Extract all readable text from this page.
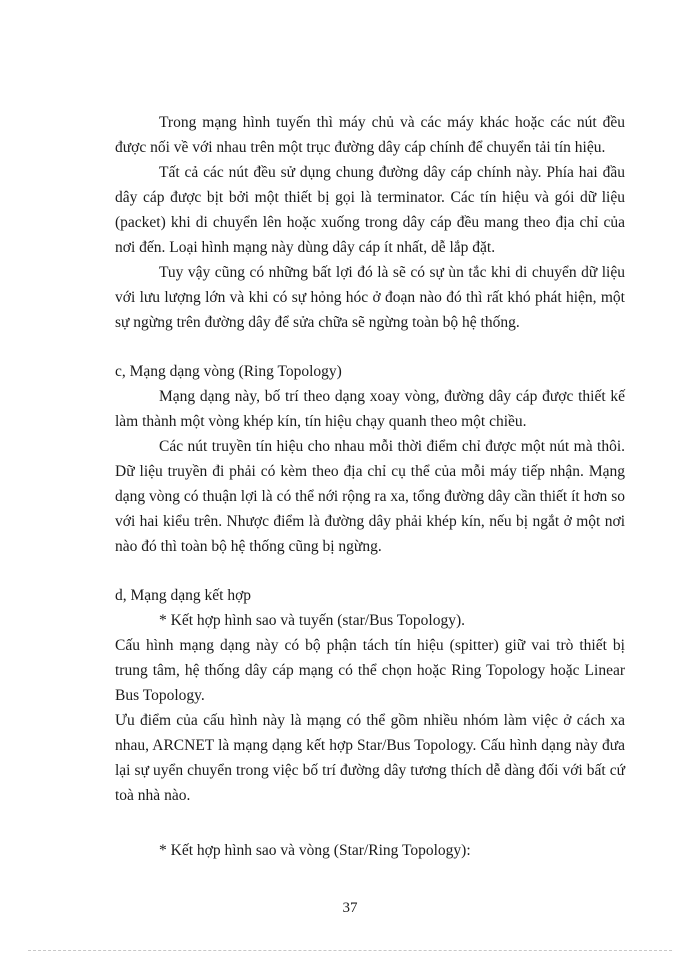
Trong mạng hình tuyến thì máy chủ và các máy khác hoặc các nút đều được nối về với nhau trên một trục đường dây cáp chính để chuyển tải tín hiệu.

Tất cả các nút đều sử dụng chung đường dây cáp chính này. Phía hai đầu dây cáp được bịt bởi một thiết bị gọi là terminator. Các tín hiệu và gói dữ liệu (packet) khi di chuyển lên hoặc xuống trong dây cáp đều mang theo địa chỉ của nơi đến. Loại hình mạng này dùng dây cáp ít nhất, dễ lắp đặt.

Tuy vậy cũng có những bất lợi đó là sẽ có sự ùn tắc khi di chuyển dữ liệu với lưu lượng lớn và khi có sự hỏng hóc ở đoạn nào đó thì rất khó phát hiện, một sự ngừng trên đường dây để sửa chữa sẽ ngừng toàn bộ hệ thống.

c, Mạng dạng vòng (Ring Topology)

Mạng dạng này, bố trí theo dạng xoay vòng, đường dây cáp được thiết kế làm thành một vòng khép kín, tín hiệu chạy quanh theo một chiều.

Các nút truyền tín hiệu cho nhau mỗi thời điểm chỉ được một nút mà thôi. Dữ liệu truyền đi phải có kèm theo địa chỉ cụ thể của mỗi máy tiếp nhận. Mạng dạng vòng có thuận lợi là có thể nới rộng ra xa, tổng đường dây cần thiết ít hơn so với hai kiểu trên. Nhược điểm là đường dây phải khép kín, nếu bị ngắt ở một nơi nào đó thì toàn bộ hệ thống cũng bị ngừng.

d, Mạng dạng kết hợp

* Kết hợp hình sao và tuyến (star/Bus Topology).

Cấu hình mạng dạng này có bộ phận tách tín hiệu (spitter) giữ vai trò thiết bị trung tâm, hệ thống dây cáp mạng có thể chọn hoặc Ring Topology hoặc Linear Bus Topology.

Ưu điểm của cấu hình này là mạng có thể gồm nhiều nhóm làm việc ở cách xa nhau, ARCNET là mạng dạng kết hợp Star/Bus Topology. Cấu hình dạng này đưa lại sự uyển chuyển trong việc bố trí đường dây tương thích dễ dàng đối với bất cứ toà nhà nào.

* Kết hợp hình sao và vòng (Star/Ring Topology):

37
